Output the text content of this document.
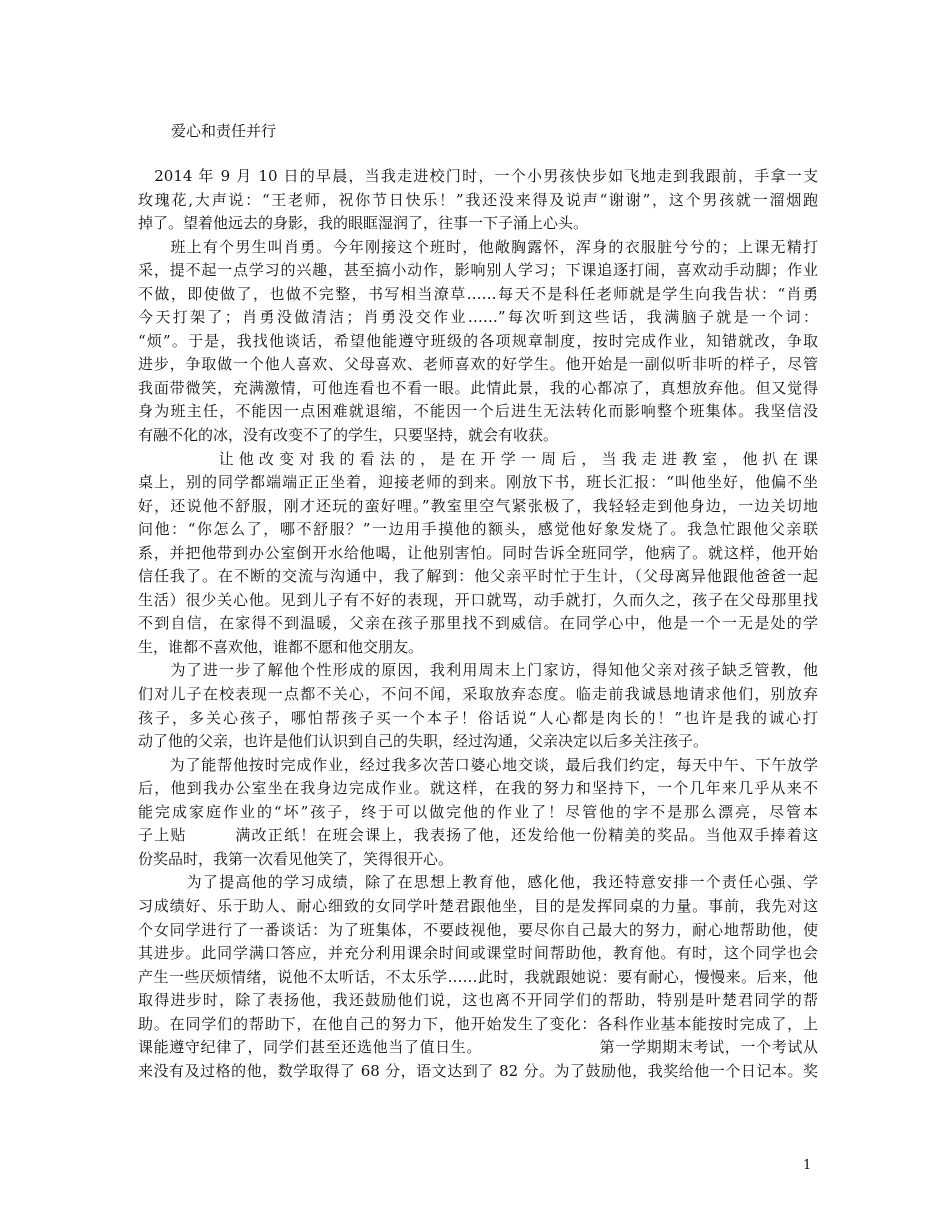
爱心和责任并行
　2014 年 9 月 10 日的早晨，当我走进校门时，一个小男孩快步如飞地走到我跟前，手拿一支
玫瑰花,大声说：“王老师，祝你节日快乐！”我还没来得及说声“谢谢”，这个男孩就一溜烟跑
掉了。望着他远去的身影，我的眼眶湿润了，往事一下子涌上心头。
　　班上有个男生叫肖勇。今年刚接这个班时，他敞胸露怀，浑身的衣服脏兮兮的；上课无精打
采，提不起一点学习的兴趣，甚至搞小动作，影响别人学习；下课追逐打闹，喜欢动手动脚；作业
不做，即使做了，也做不完整，书写相当潦草……每天不是科任老师就是学生向我告状：“肖勇
今天打架了；肖勇没做清洁；肖勇没交作业……”每次听到这些话，我满脑子就是一个词：
“烦”。于是，我找他谈话，希望他能遵守班级的各项规章制度，按时完成作业，知错就改，争取
进步，争取做一个他人喜欢、父母喜欢、老师喜欢的好学生。他开始是一副似听非听的样子，尽管
我面带微笑，充满激情，可他连看也不看一眼。此情此景，我的心都凉了，真想放弃他。但又觉得
身为班主任，不能因一点困难就退缩，不能因一个后进生无法转化而影响整个班集体。我坚信没
有融不化的冰，没有改变不了的学生，只要坚持，就会有收获。
　　　　让他改变对我的看法的，是在开学一周后，当我走进教室，他扒在课
桌上，别的同学都端端正正坐着，迎接老师的到来。刚放下书，班长汇报：“叫他坐好，他偏不坐
好，还说他不舒服，刚才还玩的蛮好哩。”教室里空气紧张极了，我轻轻走到他身边，一边关切地
问他：“你怎么了，哪不舒服？”一边用手摸他的额头，感觉他好象发烧了。我急忙跟他父亲联
系，并把他带到办公室倒开水给他喝，让他别害怕。同时告诉全班同学，他病了。就这样，他开始
信任我了。在不断的交流与沟通中，我了解到：他父亲平时忙于生计，（父母离异他跟他爸爸一起
生活）很少关心他。见到儿子有不好的表现，开口就骂，动手就打，久而久之，孩子在父母那里找
不到自信，在家得不到温暖，父亲在孩子那里找不到威信。在同学心中，他是一个一无是处的学
生，谁都不喜欢他，谁都不愿和他交朋友。
　　为了进一步了解他个性形成的原因，我利用周末上门家访，得知他父亲对孩子缺乏管教，他
们对儿子在校表现一点都不关心，不问不闻，采取放弃态度。临走前我诚恳地请求他们，别放弃
孩子，多关心孩子，哪怕帮孩子买一个本子！俗话说“人心都是肉长的！”也许是我的诚心打
动了他的父亲，也许是他们认识到自己的失职，经过沟通，父亲决定以后多关注孩子。
　　为了能帮他按时完成作业，经过我多次苦口婆心地交谈，最后我们约定，每天中午、下午放学
后，他到我办公室坐在我身边完成作业。就这样，在我的努力和坚持下，一个几年来几乎从来不
能完成家庭作业的“坏”孩子，终于可以做完他的作业了！尽管他的字不是那么漂亮，尽管本
子上贴　　　满改正纸！在班会课上，我表扬了他，还发给他一份精美的奖品。当他双手捧着这
份奖品时，我第一次看见他笑了，笑得很开心。
　　　为了提高他的学习成绩，除了在思想上教育他，感化他，我还特意安排一个责任心强、学
习成绩好、乐于助人、耐心细致的女同学叶楚君跟他坐，目的是发挥同桌的力量。事前，我先对这
个女同学进行了一番谈话：为了班集体，不要歧视他，要尽你自己最大的努力，耐心地帮助他，使
其进步。此同学满口答应，并充分利用课余时间或课堂时间帮助他，教育他。有时，这个同学也会
产生一些厌烦情绪，说他不太听话，不太乐学……此时，我就跟她说：要有耐心，慢慢来。后来，他
取得进步时，除了表扬他，我还鼓励他们说，这也离不开同学们的帮助，特别是叶楚君同学的帮
助。在同学们的帮助下，在他自己的努力下，他开始发生了变化：各科作业基本能按时完成了，上
课能遵守纪律了，同学们甚至还选他当了值日生。　　　　　　　　第一学期期末考试，一个考试从
来没有及过格的他，数学取得了 68 分，语文达到了 82 分。为了鼓励他，我奖给他一个日记本。奖
1
